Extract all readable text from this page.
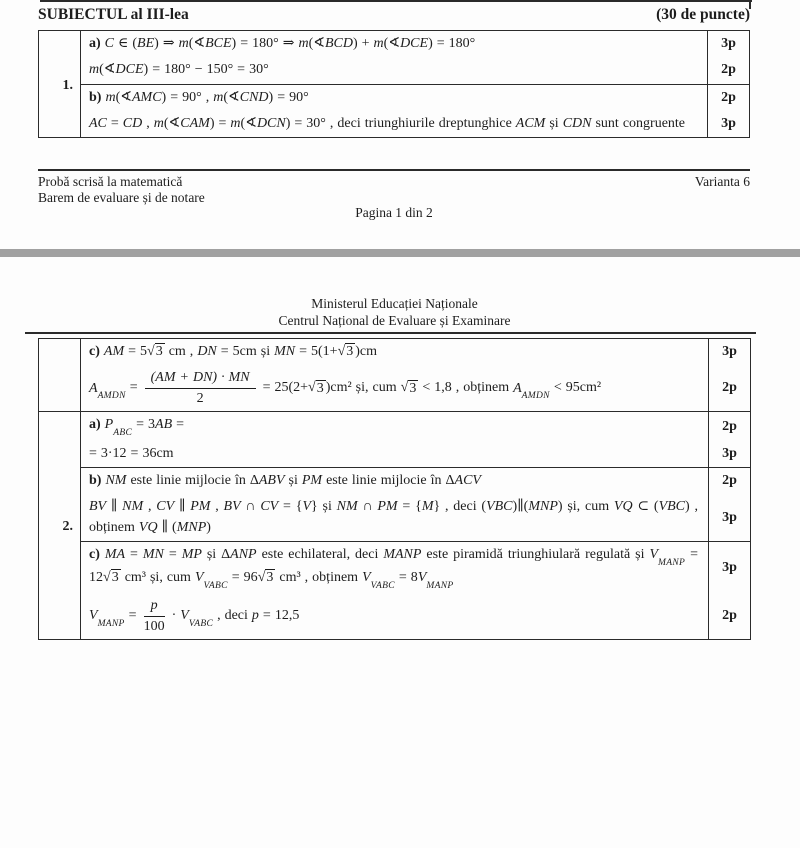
SUBIECTUL al III-lea	(30 de puncte)
1.	a) C ∈ (BE) ⇒ m(∢BCE) = 180° ⇒ m(∢BCD) + m(∢DCE) = 180°	3p

	m(∢DCE) = 180° − 150° = 30°	2p

	b) m(∢AMC) = 90° , m(∢CND) = 90°	2p

	AC = CD , m(∢CAM) = m(∢DCN) = 30° , deci triunghiurile dreptunghice ACM și CDN sunt congruente	3p
Probă scrisă la matematică
Barem de evaluare și de notare
Varianta 6
Pagina 1 din 2
Ministerul Educației Naționale
Centrul Național de Evaluare și Examinare

	c) AM = 5√3 cm , DN = 5cm și MN = 5(1+√3 )cm	3p

	$A_{AMDN} = \frac{(AM + DN) \cdot MN}{2} = 25(2+√3$ )cm² și, cum √3 < 1,8 , obținem $A_{AMDN} < 95cm^2$	2p
2.	a) $P_{ABC} = 3AB$ =	2p

	= 3·12 = 36cm	3p

	b) NM este linie mijlocie în ΔABV și PM este linie mijlocie în ΔACV	2p

	BV ∥ NM , CV ∥ PM , BV ∩ CV = {V} și NM ∩ PM = {M} , deci (VBC)∥(MNP) și, cum VQ ⊂ (VBC) , obținem VQ ∥ (MNP)	3p

	c) MA = MN = MP și ΔANP este echilateral, deci MANP este piramidă triunghiulară regulată și $V_{MANP} = 12√3$ cm³ și, cum $V_{VABC} = 96√3$ cm³ , obținem $V_{VABC} = 8V_{MANP}$	3p

	$V_{MANP} = \frac{p}{100} \cdot V_{VABC}$ , deci p = 12,5	2p
